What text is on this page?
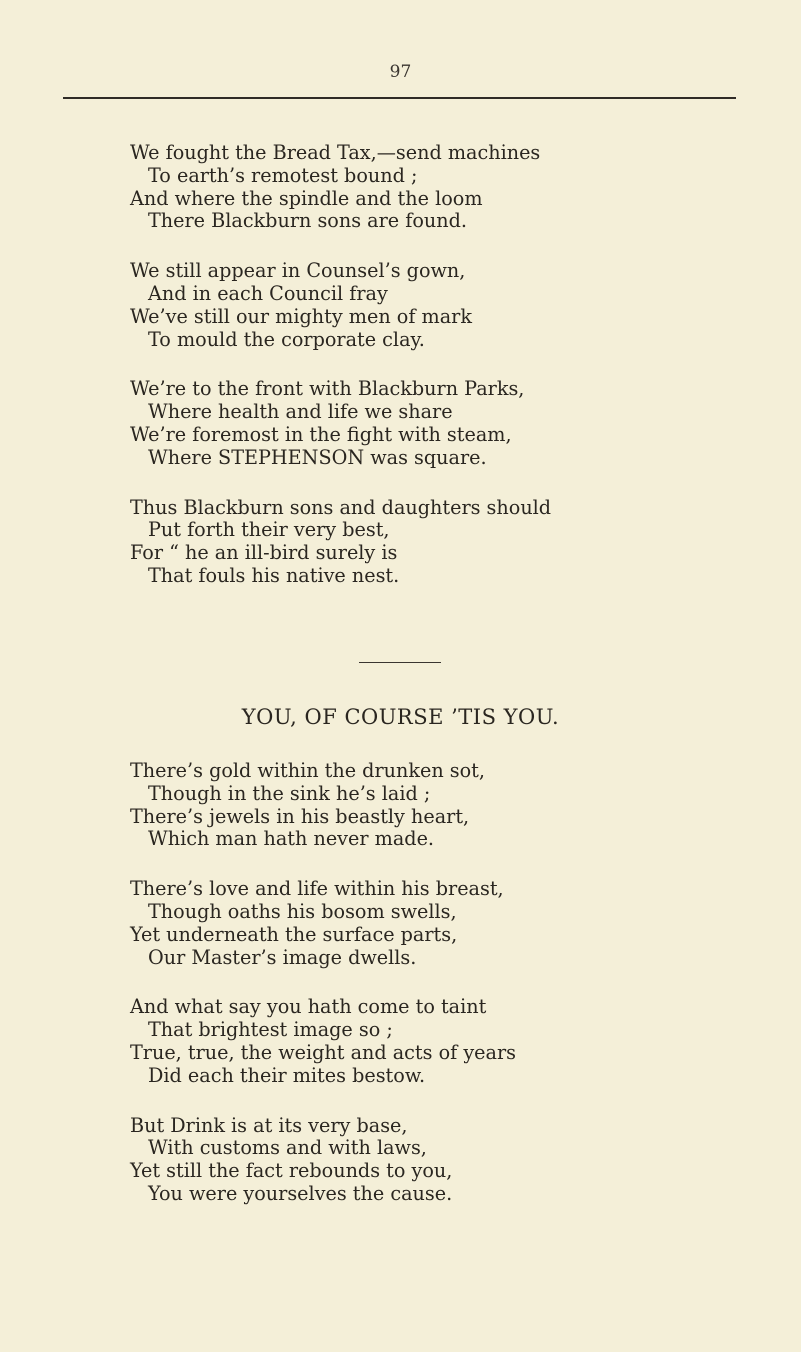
97
We fought the Bread Tax,—send machines
To earth’s remotest bound ;
And where the spindle and the loom
There Blackburn sons are found.
We still appear in Counsel’s gown,
And in each Council fray
We’ve still our mighty men of mark
To mould the corporate clay.
We’re to the front with Blackburn Parks,
Where health and life we share
We’re foremost in the fight with steam,
Where STEPHENSON was square.
Thus Blackburn sons and daughters should
Put forth their very best,
For “ he an ill-bird surely is
That fouls his native nest.
YOU, OF COURSE ’TIS YOU.
There’s gold within the drunken sot,
Though in the sink he’s laid ;
There’s jewels in his beastly heart,
Which man hath never made.
There’s love and life within his breast,
Though oaths his bosom swells,
Yet underneath the surface parts,
Our Master’s image dwells.
And what say you hath come to taint
That brightest image so ;
True, true, the weight and acts of years
Did each their mites bestow.
But Drink is at its very base,
With customs and with laws,
Yet still the fact rebounds to you,
You were yourselves the cause.
